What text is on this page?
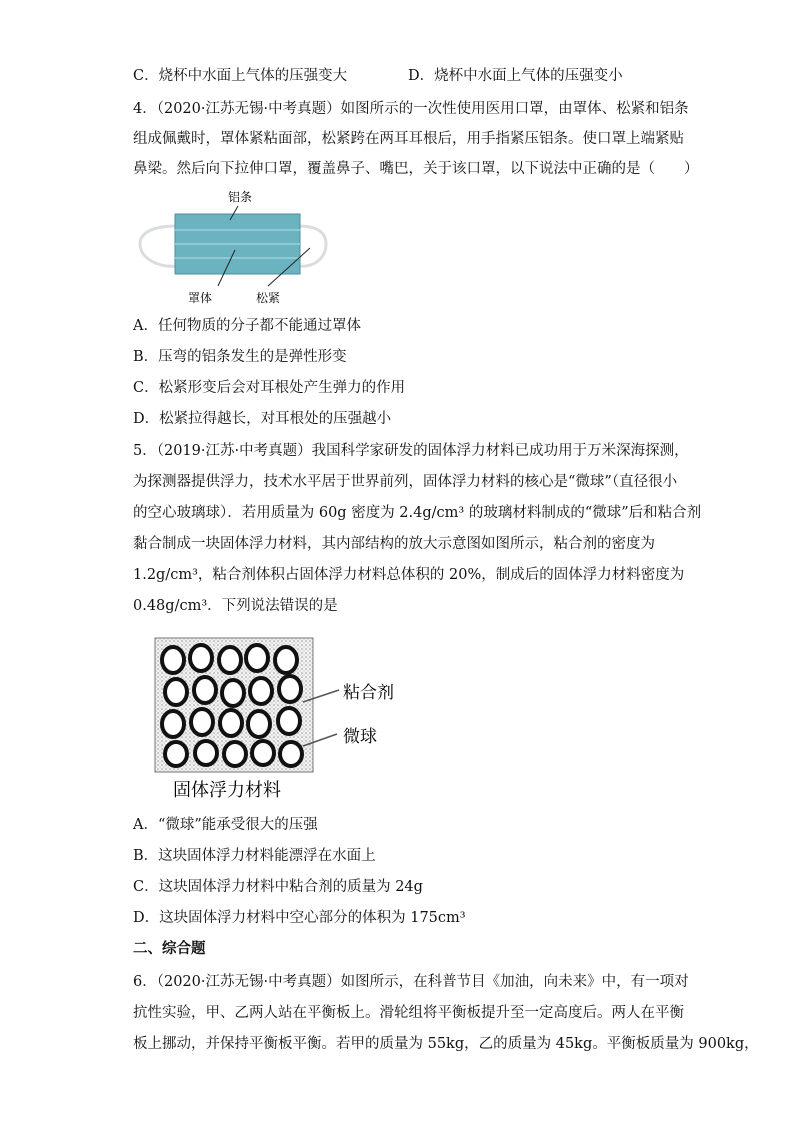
C．烧杯中水面上气体的压强变大	D．烧杯中水面上气体的压强变小
4．（2020·江苏无锡·中考真题）如图所示的一次性使用医用口罩，由罩体、松紧和铝条
组成佩戴时，罩体紧粘面部，松紧跨在两耳耳根后，用手指紧压铝条。使口罩上端紧贴
鼻梁。然后向下拉伸口罩，覆盖鼻子、嘴巴，关于该口罩，以下说法中正确的是（　　）
铝条
罩体	松紧
A．任何物质的分子都不能通过罩体
B．压弯的铝条发生的是弹性形变
C．松紧形变后会对耳根处产生弹力的作用
D．松紧拉得越长，对耳根处的压强越小
5．（2019·江苏·中考真题）我国科学家研发的固体浮力材料已成功用于万米深海探测，
为探测器提供浮力，技术水平居于世界前列，固体浮力材料的核心是“微球”（直径很小
的空心玻璃球）．若用质量为 60g 密度为 2.4g/cm³ 的玻璃材料制成的“微球”后和粘合剂
黏合制成一块固体浮力材料，其内部结构的放大示意图如图所示，粘合剂的密度为
1.2g/cm³，粘合剂体积占固体浮力材料总体积的 20%，制成后的固体浮力材料密度为
0.48g/cm³．下列说法错误的是
粘合剂
微球
固体浮力材料
A．“微球”能承受很大的压强
B．这块固体浮力材料能漂浮在水面上
C．这块固体浮力材料中粘合剂的质量为 24g
D．这块固体浮力材料中空心部分的体积为 175cm³
二、综合题
6．（2020·江苏无锡·中考真题）如图所示，在科普节目《加油，向未来》中，有一项对
抗性实验，甲、乙两人站在平衡板上。滑轮组将平衡板提升至一定高度后。两人在平衡
板上挪动，并保持平衡板平衡。若甲的质量为 55kg，乙的质量为 45kg。平衡板质量为 900kg，
